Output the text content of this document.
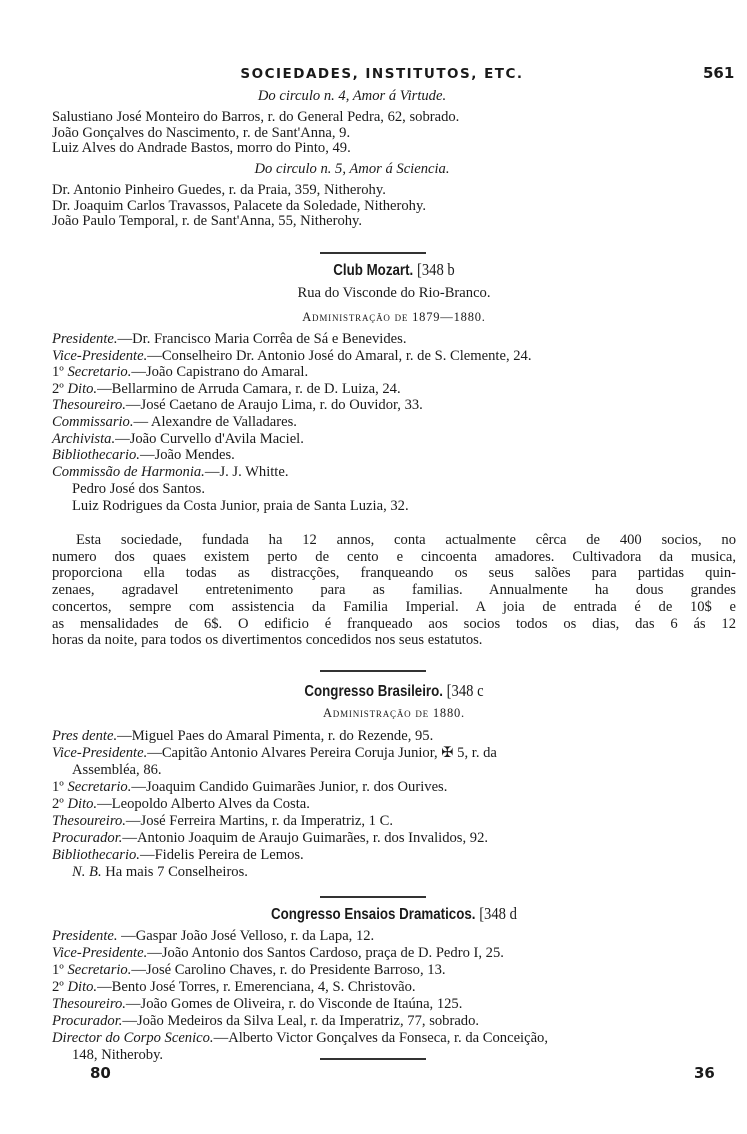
SOCIEDADES, INSTITUTOS, ETC.	561
Do circulo n. 4, Amor á Virtude.
Salustiano José Monteiro do Barros, r. do General Pedra, 62, sobrado.
João Gonçalves do Nascimento, r. de Sant'Anna, 9.
Luiz Alves do Andrade Bastos, morro do Pinto, 49.
Do circulo n. 5, Amor á Sciencia.
Dr. Antonio Pinheiro Guedes, r. da Praia, 359, Nitherohy.
Dr. Joaquim Carlos Travassos, Palacete da Soledade, Nitherohy.
João Paulo Temporal, r. de Sant'Anna, 55, Nitherohy.
Club Mozart. [348 b
Rua do Visconde do Rio-Branco.
Administração de 1879—1880.
Presidente.—Dr. Francisco Maria Corrêa de Sá e Benevides.
Vice-Presidente.—Conselheiro Dr. Antonio José do Amaral, r. de S. Clemente, 24.
1º Secretario.—João Capistrano do Amaral.
2º Dito.—Bellarmino de Arruda Camara, r. de D. Luiza, 24.
Thesoureiro.—José Caetano de Araujo Lima, r. do Ouvidor, 33.
Commissario.— Alexandre de Valladares.
Archivista.—João Curvello d'Avila Maciel.
Bibliothecario.—João Mendes.
Commissão de Harmonia.—J. J. Whitte.
Pedro José dos Santos.
Luiz Rodrigues da Costa Junior, praia de Santa Luzia, 32.
Esta sociedade, fundada ha 12 annos, conta actualmente cêrca de 400 socios, no
numero dos quaes existem perto de cento e cincoenta amadores. Cultivadora da musica,
proporciona ella todas as distracções, franqueando os seus salões para partidas quin-
zenaes, agradavel entretenimento para as familias. Annualmente ha dous grandes
concertos, sempre com assistencia da Familia Imperial. A joia de entrada é de 10$ e
as mensalidades de 6$. O edificio é franqueado aos socios todos os dias, das 6 ás 12
horas da noite, para todos os divertimentos concedidos nos seus estatutos.
Congresso Brasileiro. [348 c
Administração de 1880.
Pres dente.—Miguel Paes do Amaral Pimenta, r. do Rezende, 95.
Vice-Presidente.—Capitão Antonio Alvares Pereira Coruja Junior, ✠ 5, r. da
Assembléa, 86.
1º Secretario.—Joaquim Candido Guimarães Junior, r. dos Ourives.
2º Dito.—Leopoldo Alberto Alves da Costa.
Thesoureiro.—José Ferreira Martins, r. da Imperatriz, 1 C.
Procurador.—Antonio Joaquim de Araujo Guimarães, r. dos Invalidos, 92.
Bibliothecario.—Fidelis Pereira de Lemos.
N. B. Ha mais 7 Conselheiros.
Congresso Ensaios Dramaticos. [348 d
Presidente. —Gaspar João José Velloso, r. da Lapa, 12.
Vice-Presidente.—João Antonio dos Santos Cardoso, praça de D. Pedro I, 25.
1º Secretario.—José Carolino Chaves, r. do Presidente Barroso, 13.
2º Dito.—Bento José Torres, r. Emerenciana, 4, S. Christovão.
Thesoureiro.—João Gomes de Oliveira, r. do Visconde de Itaúna, 125.
Procurador.—João Medeiros da Silva Leal, r. da Imperatriz, 77, sobrado.
Director do Corpo Scenico.—Alberto Victor Gonçalves da Fonseca, r. da Conceição,
148, Nitheroby.
80	36
